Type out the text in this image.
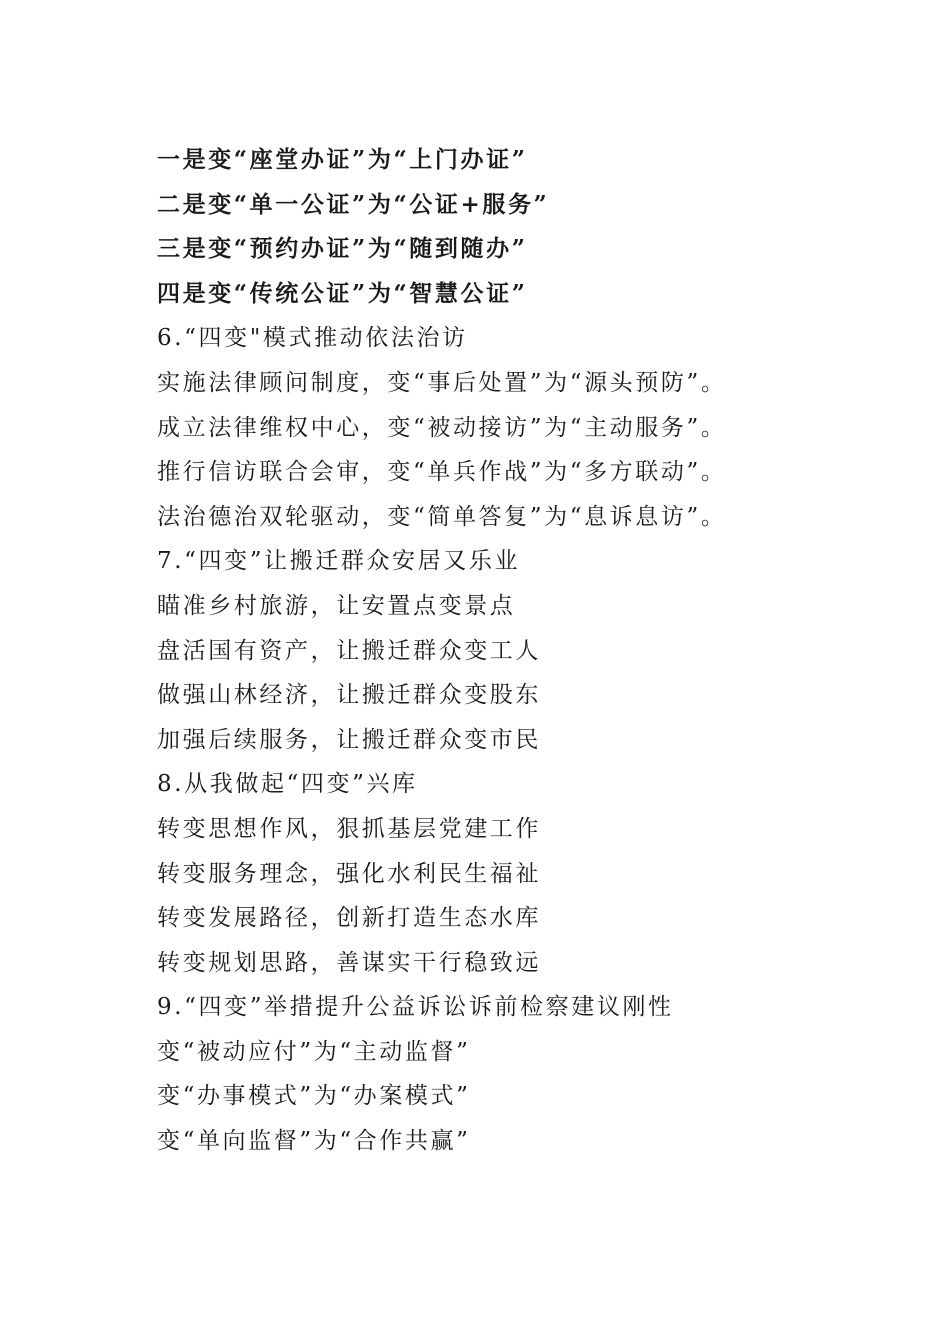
一是变“座堂办证”为“上门办证”
二是变“单一公证”为“公证+服务”
三是变“预约办证”为“随到随办”
四是变“传统公证”为“智慧公证”
6.“四变"模式推动依法治访
实施法律顾问制度，变“事后处置”为“源头预防”。
成立法律维权中心，变“被动接访”为“主动服务”。
推行信访联合会审，变“单兵作战”为“多方联动”。
法治德治双轮驱动，变“简单答复”为“息诉息访”。
7.“四变”让搬迁群众安居又乐业
瞄准乡村旅游，让安置点变景点
盘活国有资产，让搬迁群众变工人
做强山林经济，让搬迁群众变股东
加强后续服务，让搬迁群众变市民
8.从我做起“四变”兴库
转变思想作风，狠抓基层党建工作
转变服务理念，强化水利民生福祉
转变发展路径，创新打造生态水库
转变规划思路，善谋实干行稳致远
9.“四变”举措提升公益诉讼诉前检察建议刚性
变“被动应付”为“主动监督”
变“办事模式”为“办案模式”
变“单向监督”为“合作共赢”
